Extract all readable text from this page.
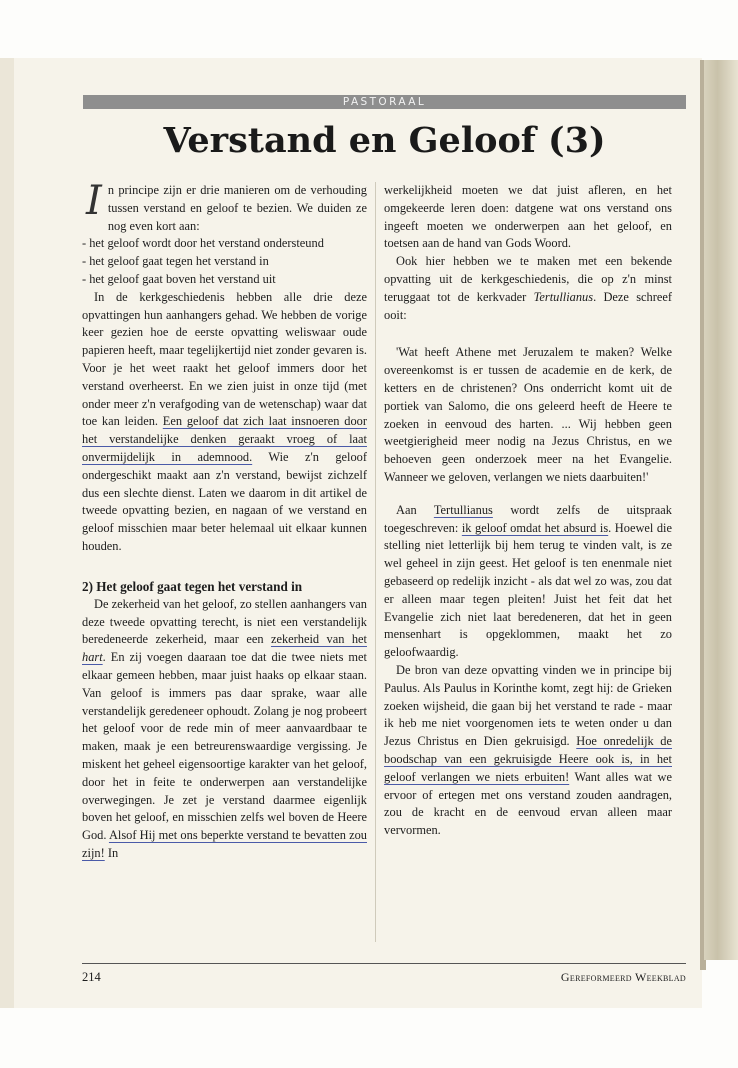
PASTORAAL
Verstand en Geloof (3)

In principe zijn er drie manieren om de verhouding tussen verstand en geloof te bezien. We duiden ze nog even kort aan:

- het geloof wordt door het verstand ondersteund

- het geloof gaat tegen het verstand in

- het geloof gaat boven het verstand uit

In de kerkgeschiedenis hebben alle drie deze opvattingen hun aanhangers gehad. We hebben de vorige keer gezien hoe de eerste opvatting weliswaar oude papieren heeft, maar tegelijkertijd niet zonder gevaren is. Voor je het weet raakt het geloof immers door het verstand overheerst. En we zien juist in onze tijd (met onder meer z'n verafgoding van de wetenschap) waar dat toe kan leiden. Een geloof dat zich laat insnoeren door het verstandelijke denken geraakt vroeg of laat onvermijdelijk in ademnood. Wie z'n geloof ondergeschikt maakt aan z'n verstand, bewijst zichzelf dus een slechte dienst. Laten we daarom in dit artikel de tweede opvatting bezien, en nagaan of we verstand en geloof misschien maar beter helemaal uit elkaar kunnen houden.

2) Het geloof gaat tegen het verstand in

De zekerheid van het geloof, zo stellen aanhangers van deze tweede opvatting terecht, is niet een verstandelijk beredeneerde zekerheid, maar een zekerheid van het hart. En zij voegen daaraan toe dat die twee niets met elkaar gemeen hebben, maar juist haaks op elkaar staan. Van geloof is immers pas daar sprake, waar alle verstandelijk geredeneer ophoudt. Zolang je nog probeert het geloof voor de rede min of meer aanvaardbaar te maken, maak je een betreurenswaardige vergissing. Je miskent het geheel eigensoortige karakter van het geloof, door het in feite te onderwerpen aan verstandelijke overwegingen. Je zet je verstand daarmee eigenlijk boven het geloof, en misschien zelfs wel boven de Heere God. Alsof Hij met ons beperkte verstand te bevatten zou zijn! In

werkelijkheid moeten we dat juist afleren, en het omgekeerde leren doen: datgene wat ons verstand ons ingeeft moeten we onderwerpen aan het geloof, en toetsen aan de hand van Gods Woord.

Ook hier hebben we te maken met een bekende opvatting uit de kerkgeschiedenis, die op z'n minst teruggaat tot de kerkvader Tertullianus. Deze schreef ooit:

'Wat heeft Athene met Jeruzalem te maken? Welke overeenkomst is er tussen de academie en de kerk, de ketters en de christenen? Ons onderricht komt uit de portiek van Salomo, die ons geleerd heeft de Heere te zoeken in eenvoud des harten. ... Wij hebben geen weetgierigheid meer nodig na Jezus Christus, en we behoeven geen onderzoek meer na het Evangelie. Wanneer we geloven, verlangen we niets daarbuiten!'

Aan Tertullianus wordt zelfs de uitspraak toegeschreven: ik geloof omdat het absurd is. Hoewel die stelling niet letterlijk bij hem terug te vinden valt, is ze wel geheel in zijn geest. Het geloof is ten enenmale niet gebaseerd op redelijk inzicht - als dat wel zo was, zou dat er alleen maar tegen pleiten! Juist het feit dat het Evangelie zich niet laat beredeneren, dat het in geen mensenhart is opgeklommen, maakt het zo geloofwaardig.

De bron van deze opvatting vinden we in principe bij Paulus. Als Paulus in Korinthe komt, zegt hij: de Grieken zoeken wijsheid, die gaan bij het verstand te rade - maar ik heb me niet voorgenomen iets te weten onder u dan Jezus Christus en Dien gekruisigd. Hoe onredelijk de boodschap van een gekruisigde Heere ook is, in het geloof verlangen we niets erbuiten! Want alles wat we ervoor of ertegen met ons verstand zouden aandragen, zou de kracht en de eenvoud ervan alleen maar vervormen.

214	Gereformeerd Weekblad
